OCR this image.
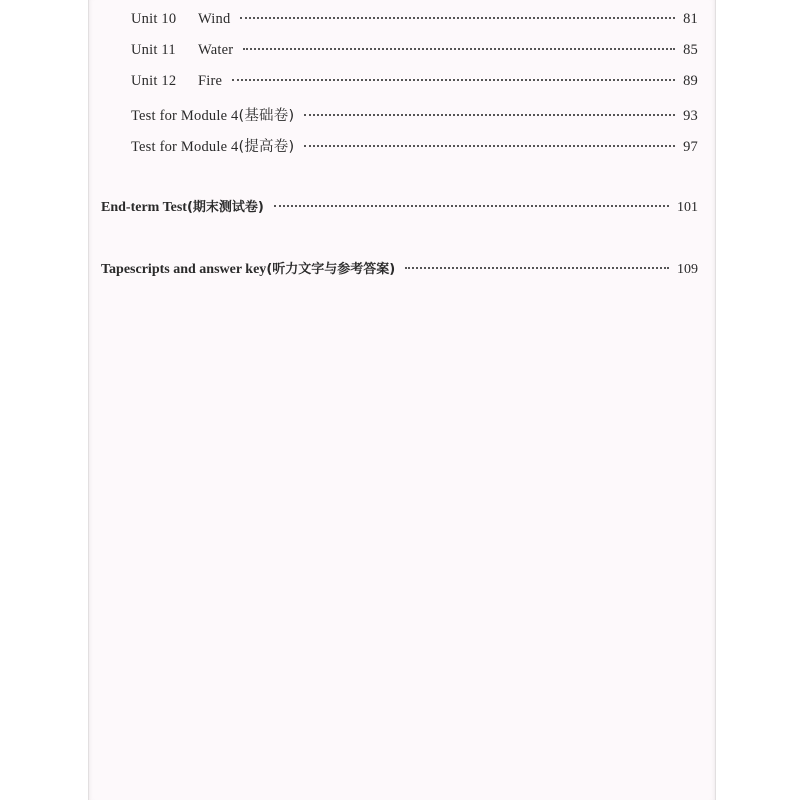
Unit 10	Wind	81
Unit 11	Water	85
Unit 12	Fire	89
Test for Module 4 (基础卷)	93
Test for Module 4 (提高卷)	97
End-term Test (期末测试卷)	101
Tapescripts and answer key (听力文字与参考答案)	109
